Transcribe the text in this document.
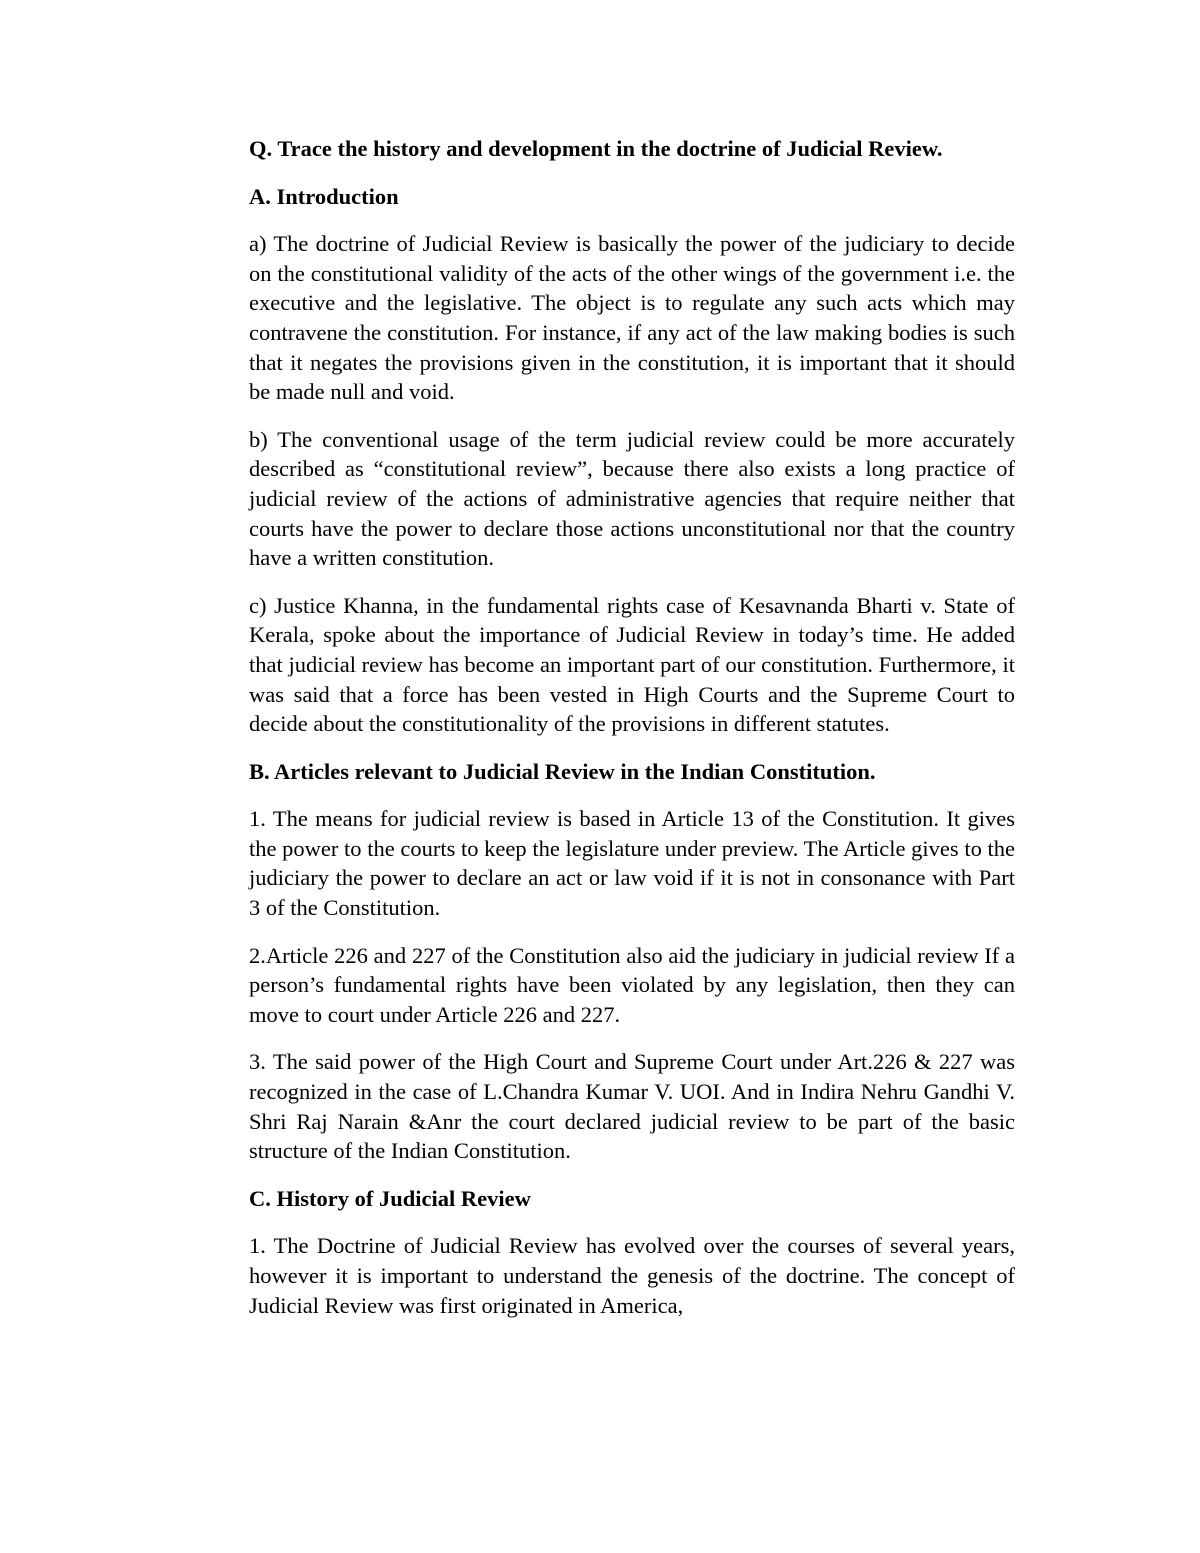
Q. Trace the history and development in the doctrine of Judicial Review.

A. Introduction

a) The doctrine of Judicial Review is basically the power of the judiciary to decide on the constitutional validity of the acts of the other wings of the government i.e. the executive and the legislative. The object is to regulate any such acts which may contravene the constitution. For instance, if any act of the law making bodies is such that it negates the provisions given in the constitution, it is important that it should be made null and void.

b) The conventional usage of the term judicial review could be more accurately described as “constitutional review”, because there also exists a long practice of judicial review of the actions of administrative agencies that require neither that courts have the power to declare those actions unconstitutional nor that the country have a written constitution.

c) Justice Khanna, in the fundamental rights case of Kesavnanda Bharti v. State of Kerala, spoke about the importance of Judicial Review in today’s time. He added that judicial review has become an important part of our constitution. Furthermore, it was said that a force has been vested in High Courts and the Supreme Court to decide about the constitutionality of the provisions in different statutes.

B. Articles relevant to Judicial Review in the Indian Constitution.

1. The means for judicial review is based in Article 13 of the Constitution. It gives the power to the courts to keep the legislature under preview. The Article gives to the judiciary the power to declare an act or law void if it is not in consonance with Part 3 of the Constitution.

2.Article 226 and 227 of the Constitution also aid the judiciary in judicial review If a person’s fundamental rights have been violated by any legislation, then they can move to court under Article 226 and 227.

3. The said power of the High Court and Supreme Court under Art.226 & 227 was recognized in the case of L.Chandra Kumar V. UOI. And in Indira Nehru Gandhi V. Shri Raj Narain &Anr the court declared judicial review to be part of the basic structure of the Indian Constitution.

C. History of Judicial Review

1. The Doctrine of Judicial Review has evolved over the courses of several years, however it is important to understand the genesis of the doctrine. The concept of Judicial Review was first originated in America,
